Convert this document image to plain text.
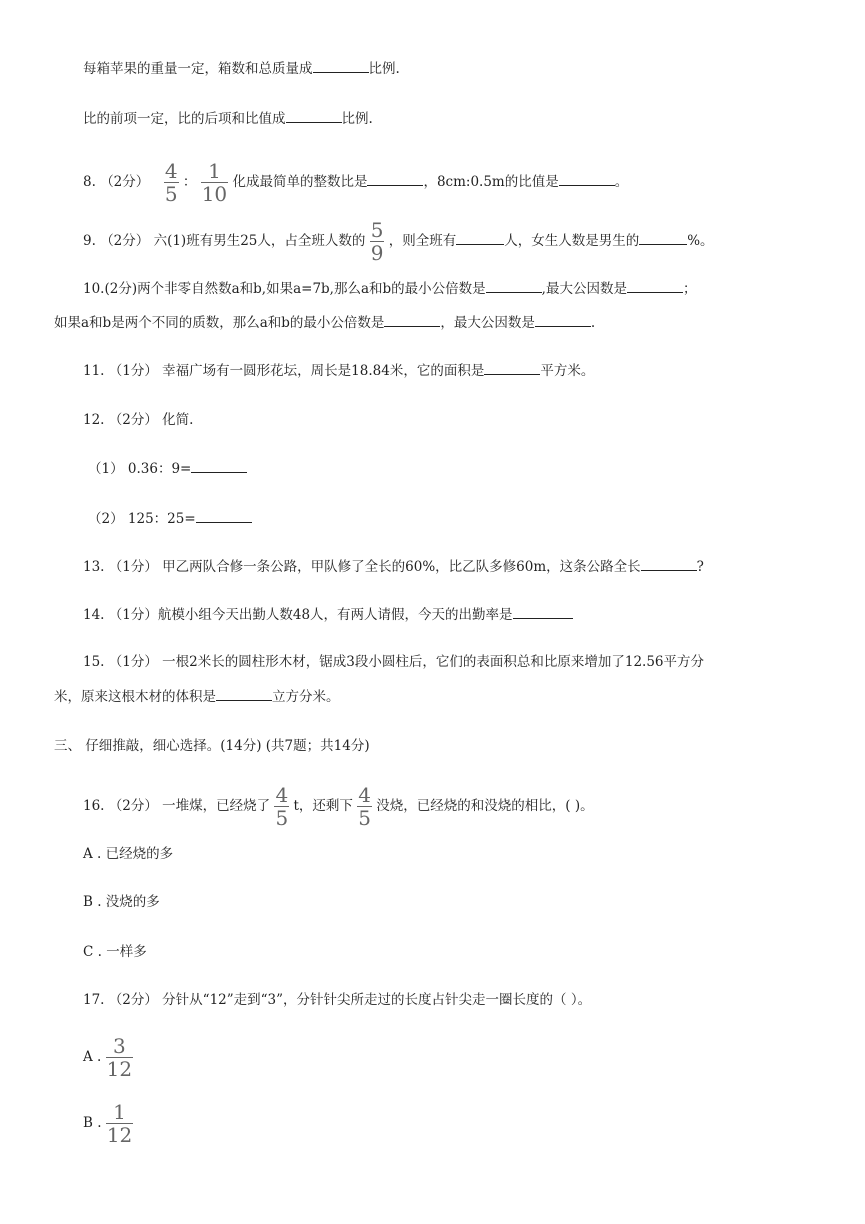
每箱苹果的重量一定，箱数和总质量成	比例.
比的前项一定，比的后项和比值成	比例.
8. （2分） $\frac{4}{5}$ ： $\frac{1}{10}$ 化成最简单的整数比是	，8cm:0.5m的比值是	。
9. （2分） 六(1)班有男生25人，占全班人数的 $\frac{5}{9}$ ，则全班有	人，女生人数是男生的	%。
10.(2分)两个非零自然数a和b,如果a=7b,那么a和b的最小公倍数是	,最大公因数是	；
如果a和b是两个不同的质数，那么a和b的最小公倍数是	，最大公因数是	.
11. （1分） 幸福广场有一圆形花坛，周长是18.84米，它的面积是	平方米。
12. （2分） 化简.
（1） 0.36：9=
（2） 125：25=
13. （1分） 甲乙两队合修一条公路，甲队修了全长的60%，比乙队多修60m，这条公路全长	?
14. （1分）航模小组今天出勤人数48人，有两人请假，今天的出勤率是
15. （1分） 一根2米长的圆柱形木材，锯成3段小圆柱后，它们的表面积总和比原来增加了12.56平方分
米，原来这根木材的体积是	立方分米。
三、 仔细推敲，细心选择。(14分) (共7题；共14分)
16. （2分） 一堆煤，已经烧了 $\frac{4}{5}$ t，还剩下 $\frac{4}{5}$ 没烧，已经烧的和没烧的相比，( )。
A . 已经烧的多
B . 没烧的多
C . 一样多
17. （2分） 分针从“12”走到“3”，分针针尖所走过的长度占针尖走一圈长度的（ ）。
A . $\frac{3}{12}$
B . $\frac{1}{12}$
